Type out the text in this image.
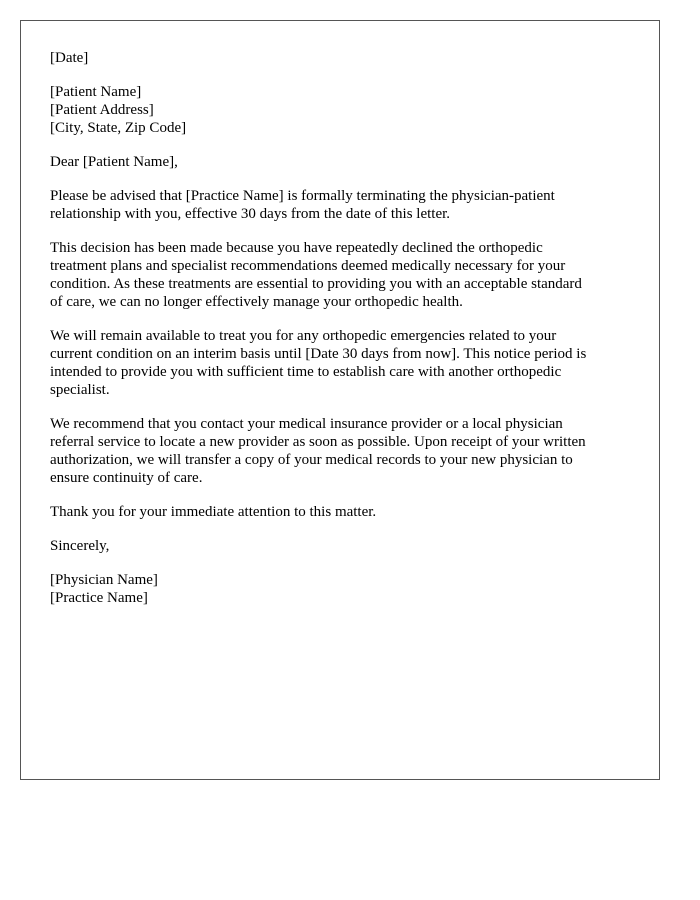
[Date]

[Patient Name]
[Patient Address]
[City, State, Zip Code]

Dear [Patient Name],

Please be advised that [Practice Name] is formally terminating the physician-patient
relationship with you, effective 30 days from the date of this letter.

This decision has been made because you have repeatedly declined the orthopedic
treatment plans and specialist recommendations deemed medically necessary for your
condition. As these treatments are essential to providing you with an acceptable standard
of care, we can no longer effectively manage your orthopedic health.

We will remain available to treat you for any orthopedic emergencies related to your
current condition on an interim basis until [Date 30 days from now]. This notice period is
intended to provide you with sufficient time to establish care with another orthopedic
specialist.

We recommend that you contact your medical insurance provider or a local physician
referral service to locate a new provider as soon as possible. Upon receipt of your written
authorization, we will transfer a copy of your medical records to your new physician to
ensure continuity of care.

Thank you for your immediate attention to this matter.

Sincerely,

[Physician Name]
[Practice Name]
